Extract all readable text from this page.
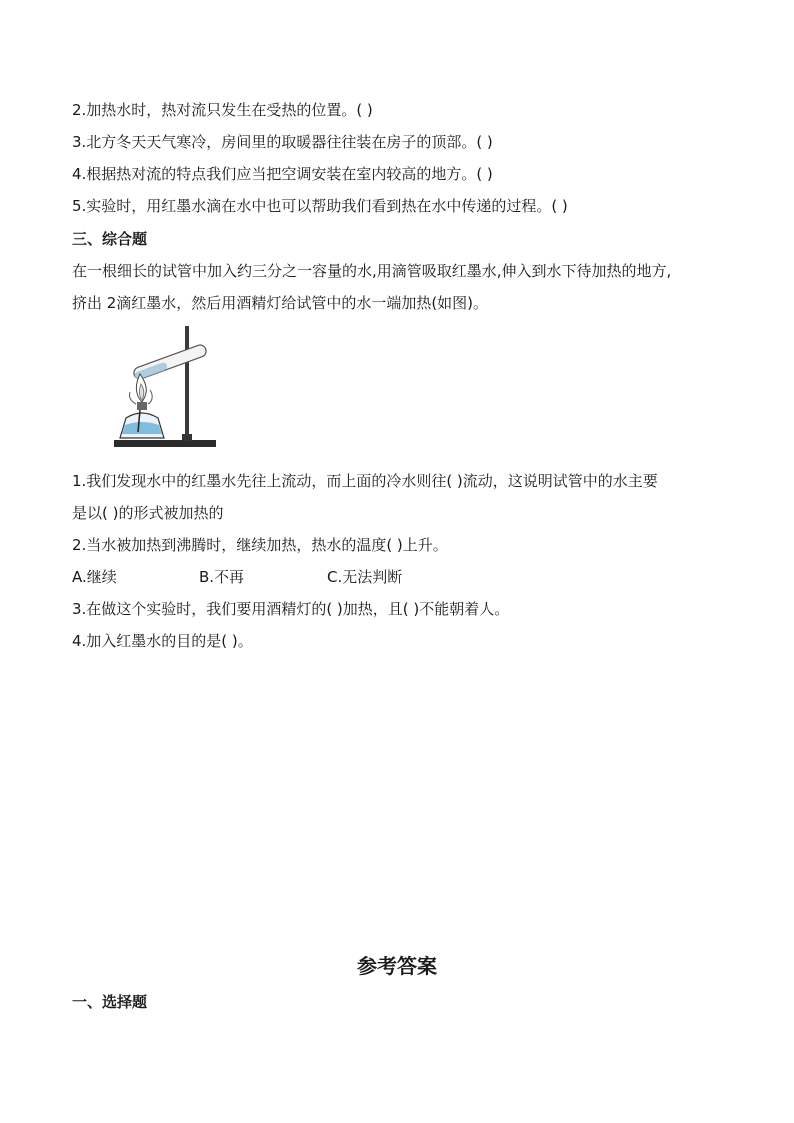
2.加热水时，热对流只发生在受热的位置。( )
3.北方冬天天气寒冷，房间里的取暖器往往装在房子的顶部。( )
4.根据热对流的特点我们应当把空调安装在室内较高的地方。( )
5.实验时，用红墨水滴在水中也可以帮助我们看到热在水中传递的过程。( )
三、综合题
在一根细长的试管中加入约三分之一容量的水,用滴管吸取红墨水,伸入到水下待加热的地方,
挤出 2滴红墨水，然后用酒精灯给试管中的水一端加热(如图)。
1.我们发现水中的红墨水先往上流动，而上面的冷水则往( )流动，这说明试管中的水主要
是以( )的形式被加热的
2.当水被加热到沸腾时，继续加热，热水的温度( )上升。
A.继续	B.不再	C.无法判断
3.在做这个实验时，我们要用酒精灯的( )加热，且( )不能朝着人。
4.加入红墨水的目的是( )。
参考答案
一、选择题
